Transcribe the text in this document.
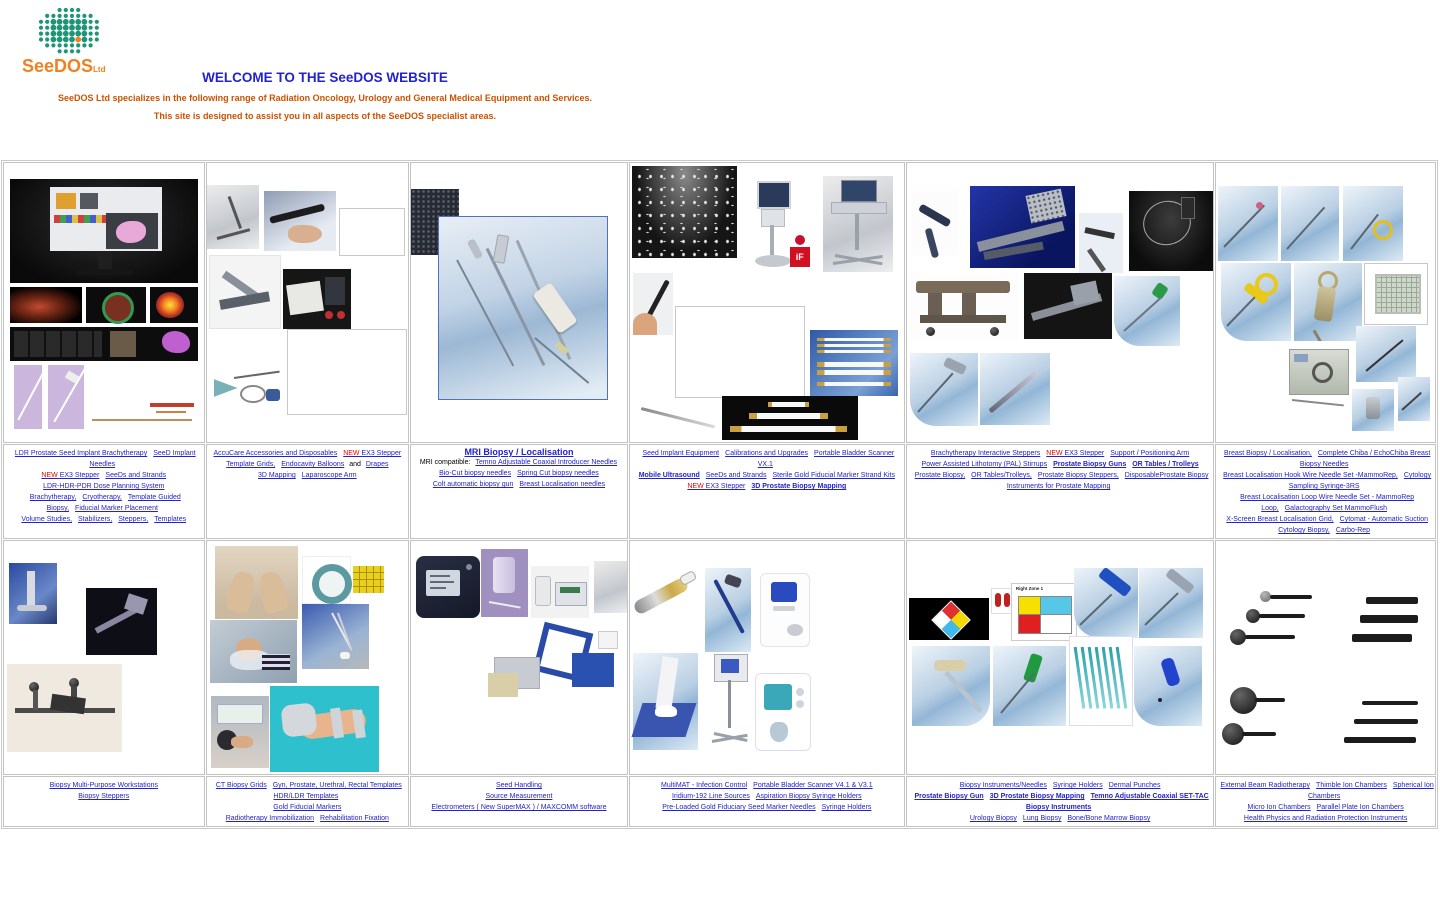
SeeDOSLtd
WELCOME TO THE SeeDOS WEBSITE
SeeDOS Ltd specializes in the following range of Radiation Oncology, Urology and General Medical Equipment and Services.
This site is designed to assist you in all aspects of the SeeDOS specialist areas.

			iF		

LDR Prostate Seed Implant Brachytherapy SeeD Implant Needles
NEW EX3 Stepper SeeDs and Strands
LDR-HDR-PDR Dose Planning System
Brachytherapy, Cryotherapy, Template Guided Biopsy, Fiducial Marker Placement
Volume Studies, Stabilizers, Steppers, Templates

AccuCare Accessories and Disposables NEW EX3 Stepper
Template Grids, Endocavity Balloons and Drapes
3D Mapping Laparoscope Arm

MRI Biopsy / Localisation
MRI compatible: Temno Adjustable Coaxial Introducer Needles
Bio-Cut biopsy needles Spring Cut biopsy needles
Colt automatic biopsy gun Breast Localisation needles

Seed Implant Equipment Calibrations and Upgrades Portable Bladder Scanner VX.1
Mobile Ultrasound SeeDs and Strands Sterile Gold Fiducial Marker Strand Kits
NEW EX3 Stepper 3D Prostate Biopsy Mapping

Brachytherapy Interactive Steppers NEW EX3 Stepper Support / Positioning Arm
Power Assisted Lithotomy (PAL) Stirrups Prostate Biopsy Guns OR Tables / Trolleys
Prostate Biopsy, OR Tables/Trolleys, Prostate Biopsy Steppers, DisposableProstate Biopsy Instruments for Prostate Mapping

Breast Biopsy / Localisation, Complete Chiba / EchoChiba Breast Biopsy Needles
Breast Localisation Hook Wire Needle Set -MammoRep, Cytology Sampling Syringe-3RS
Breast Localisation Loop Wire Needle Set - MammoRep Loop, Galactography Set MammoFlush
X-Screen Breast Localisation Grid, Cytomat - Automatic Suction Cytology Biopsy, Carbo-Rep

				Right Zone 1	

Biopsy Multi-Purpose Workstations
Biopsy Steppers

CT Biopsy Grids Gyn, Prostate, Urethral, Rectal Templates HDR/LDR Templates
Gold Fiducial Markers
Radiotherapy Immobilization Rehabilitation Fixation

Seed Handling
Source Measurement
Electrometers ( New SuperMAX ) / MAXCOMM software

MultiMAT - Infection Control Portable Bladder Scanner V4.1 & V3.1
Iridium-192 Line Sources Aspiration Biopsy Syringe Holders
Pre-Loaded Gold Fiduciary Seed Marker Needles Syringe Holders

Biopsy Instruments/Needles Syringe Holders Dermal Punches
Prostate Biopsy Gun 3D Prostate Biopsy Mapping Temno Adjustable Coaxial SET-TAC Biopsy Instruments
Urology Biopsy Lung Biopsy Bone/Bone Marrow Biopsy

External Beam Radiotherapy Thimble Ion Chambers Spherical Ion Chambers
Micro Ion Chambers Parallel Plate Ion Chambers
Health Physics and Radiation Protection Instruments
